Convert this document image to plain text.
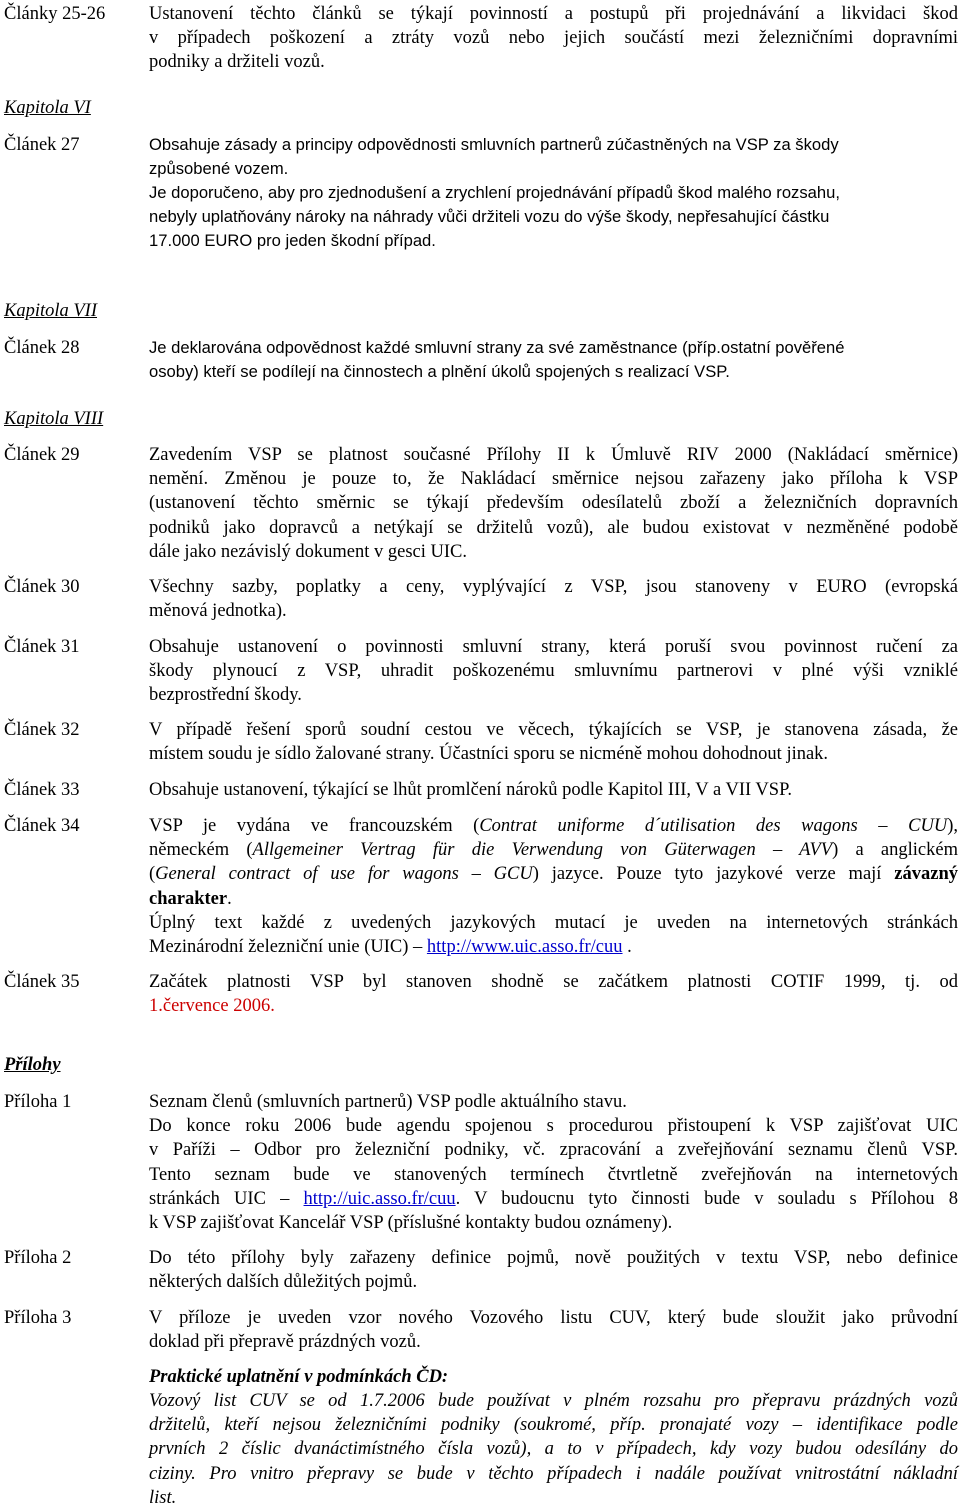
Články 25-26 Ustanovení těchto článků se týkají povinností a postupů při projednávání a likvidaci škod
v případech poškození a ztráty vozů nebo jejich součástí mezi železničními dopravními
podniky a držiteli vozů.
Kapitola VI
Článek 27	Obsahuje zásady a principy odpovědnosti smluvních partnerů zúčastněných na VSP za škody
způsobené vozem.
Je doporučeno, aby pro zjednodušení a zrychlení projednávání případů škod malého rozsahu,
nebyly uplatňovány nároky na náhrady vůči držiteli vozu do výše škody, nepřesahující částku
17.000 EURO pro jeden škodní případ.
Kapitola VII
Článek 28	Je deklarována odpovědnost každé smluvní strany za své zaměstnance (příp.ostatní pověřené
osoby) kteří se podílejí na činnostech a plnění úkolů spojených s realizací VSP.
Kapitola VIII
Článek 29	Zavedením VSP se platnost současné Přílohy II k Úmluvě RIV 2000 (Nakládací směrnice)
nemění. Změnou je pouze to, že Nakládací směrnice nejsou zařazeny jako příloha k VSP
(ustanovení těchto směrnic se týkají především odesílatelů zboží a železničních dopravních
podniků jako dopravců a netýkají se držitelů vozů), ale budou existovat v nezměněné podobě
dále jako nezávislý dokument v gesci UIC.
Článek 30	Všechny sazby, poplatky a ceny, vyplývající z VSP, jsou stanoveny v EURO (evropská
měnová jednotka).
Článek 31	Obsahuje ustanovení o povinnosti smluvní strany, která poruší svou povinnost ručení za
škody plynoucí z VSP, uhradit poškozenému smluvnímu partnerovi v plné výši vzniklé
bezprostřední škody.
Článek 32	V případě řešení sporů soudní cestou ve věcech, týkajících se VSP, je stanovena zásada, že
místem soudu je sídlo žalované strany. Účastníci sporu se nicméně mohou dohodnout jinak.
Článek 33	Obsahuje ustanovení, týkající se lhůt promlčení nároků podle Kapitol III, V a VII VSP.
Článek 34	VSP je vydána ve francouzském (Contrat uniforme d´utilisation des wagons – CUU),
německém (Allgemeiner Vertrag für die Verwendung von Güterwagen – AVV) a anglickém
(General contract of use for wagons – GCU) jazyce. Pouze tyto jazykové verze mají závazný
charakter.
Úplný text každé z uvedených jazykových mutací je uveden na internetových stránkách
Mezinárodní železniční unie (UIC) – http://www.uic.asso.fr/cuu .
Článek 35	Začátek platnosti VSP byl stanoven shodně se začátkem platnosti COTIF 1999, tj. od
1.července 2006.
Přílohy
Příloha 1	Seznam členů (smluvních partnerů) VSP podle aktuálního stavu.
Do konce roku 2006 bude agendu spojenou s procedurou přistoupení k VSP zajišťovat UIC
v Paříži – Odbor pro železniční podniky, vč. zpracování a zveřejňování seznamu členů VSP.
Tento seznam bude ve stanovených termínech čtvrtletně zveřejňován na internetových
stránkách UIC – http://uic.asso.fr/cuu. V budoucnu tyto činnosti bude v souladu s Přílohou 8
k VSP zajišťovat Kancelář VSP (příslušné kontakty budou oznámeny).
Příloha 2	Do této přílohy byly zařazeny definice pojmů, nově použitých v textu VSP, nebo definice
některých dalších důležitých pojmů.
Příloha 3	V příloze je uveden vzor nového Vozového listu CUV, který bude sloužit jako průvodní
doklad při přepravě prázdných vozů.
Praktické uplatnění v podmínkách ČD:
Vozový list CUV se od 1.7.2006 bude používat v plném rozsahu pro přepravu prázdných vozů
držitelů, kteří nejsou železničními podniky (soukromé, příp. pronajaté vozy – identifikace podle
prvních 2 číslic dvanáctimístného čísla vozů), a to v případech, kdy vozy budou odesílány do
ciziny. Pro vnitro přepravy se bude v těchto případech i nadále používat vnitrostátní nákladní
list.
